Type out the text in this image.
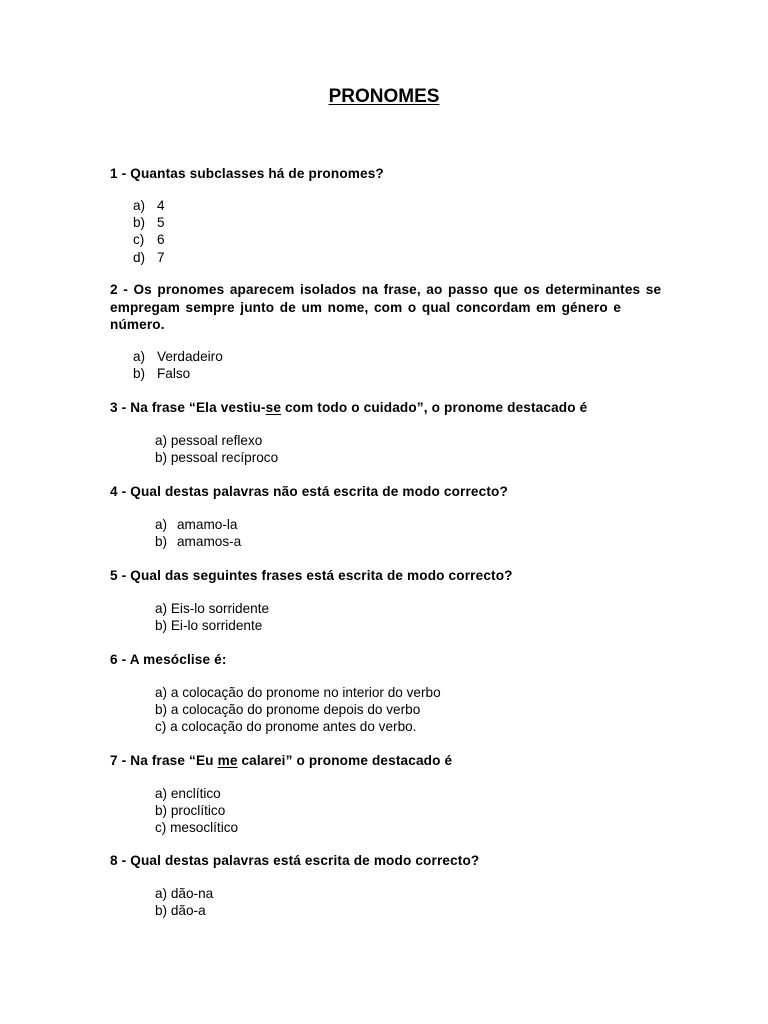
PRONOMES

1 - Quantas subclasses há de pronomes?

a) 4
b) 5
c) 6
d) 7
2 - Os pronomes aparecem isolados na frase, ao passo que os determinantes se
empregam sempre junto de um nome, com o qual concordam em género e
número.
a) Verdadeiro
b) Falso

3 - Na frase “Ela vestiu-se com todo o cuidado”, o pronome destacado é

a) pessoal reflexo
b) pessoal recíproco

4 - Qual destas palavras não está escrita de modo correcto?

a) amamo-la
b) amamos-a

5 - Qual das seguintes frases está escrita de modo correcto?

a) Eis-lo sorridente
b) Ei-lo sorridente

6 - A mesóclise é:

a) a colocação do pronome no interior do verbo
b) a colocação do pronome depois do verbo
c) a colocação do pronome antes do verbo.

7 - Na frase “Eu me calarei” o pronome destacado é

a) enclítico
b) proclítico
c) mesoclítico

8 - Qual destas palavras está escrita de modo correcto?

a) dão-na
b) dão-a
